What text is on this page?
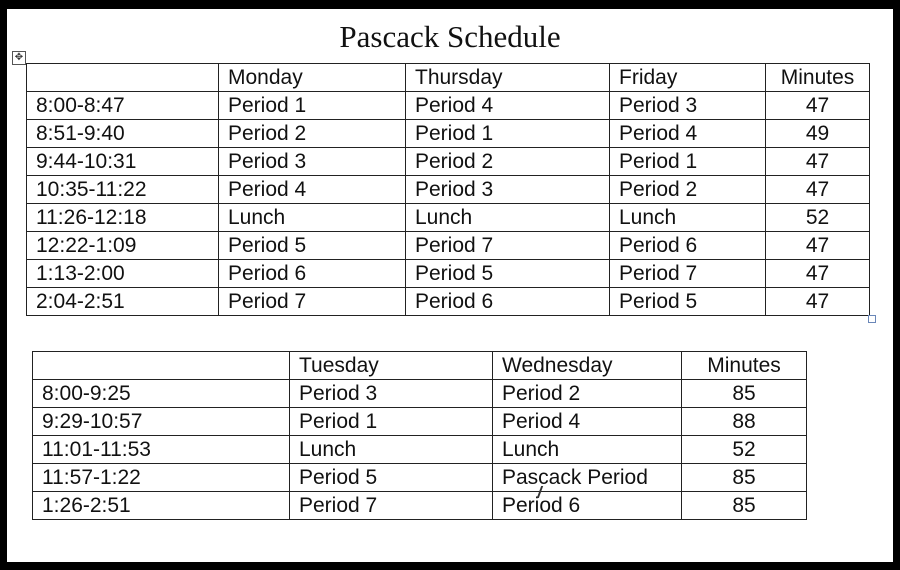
Pascack Schedule
✥
	Monday	Thursday	Friday	Minutes
8:00-8:47	Period 1	Period 4	Period 3	47
8:51-9:40	Period 2	Period 1	Period 4	49
9:44-10:31	Period 3	Period 2	Period 1	47
10:35-11:22	Period 4	Period 3	Period 2	47
11:26-12:18	Lunch	Lunch	Lunch	52
12:22-1:09	Period 5	Period 7	Period 6	47
1:13-2:00	Period 6	Period 5	Period 7	47
2:04-2:51	Period 7	Period 6	Period 5	47
	Tuesday	Wednesday	Minutes
8:00-9:25	Period 3	Period 2	85
9:29-10:57	Period 1	Period 4	88
11:01-11:53	Lunch	Lunch	52
11:57-1:22	Period 5	Pascack Period	85
1:26-2:51	Period 7	Period 6	85
